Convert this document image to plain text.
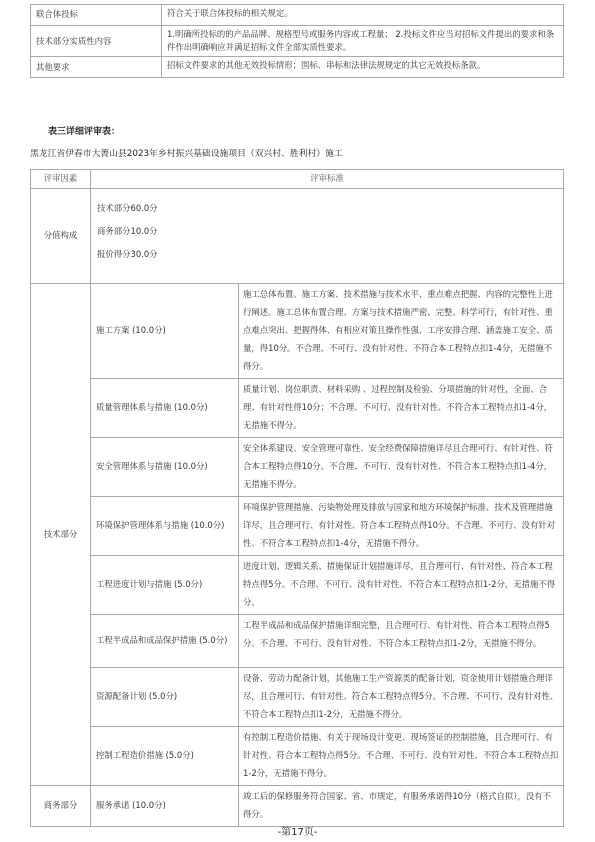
联合体投标	符合关于联合体投标的相关规定。
技术部分实质性内容	1.明确所投标的的产品品牌、规格型号或服务内容或工程量； 2.投标文件应当对招标文件提出的要求和条件作出明确响应并满足招标文件全部实质性要求。
其他要求	招标文件要求的其他无效投标情形；围标、串标和法律法规规定的其它无效投标条款。
表三详细评审表：
黑龙江省伊春市大箐山县2023年乡村振兴基础设施项目（双兴村、胜利村）施工
评审因素	评审标准	
分值构成	技术部分60.0分
商务部分10.0分
报价得分30.0分	

技术部分	施工方案 (10.0分)	施工总体布置、施工方案、技术措施与技术水平、重点难点把握、内容的完整性上进行阐述。施工总体布置合理、方案与技术措施严密、完整、科学可行，有针对性、重点难点突出、把握得体、有相应对策且操作性强、工序安排合理、涵盖施工安全、质量，得10分。不合理、不可行、没有针对性、不符合本工程特点扣1-4分，无措施不得分。
	质量管理体系与措施 (10.0分)	质量计划、岗位职责、材料采购 、过程控制及检验、分项措施的针对性，全面、合理、有针对性得10分；不合理、不可行、没有针对性、不符合本工程特点扣1-4分，无措施不得分。
	安全管理体系与措施 (10.0分)	安全体系建设、安全管理可靠性、安全经费保障措施详尽且合理可行、有针对性、符合本工程特点得10分。不合理、不可行、没有针对性、不符合本工程特点扣1-4分，无措施不得分。
	环境保护管理体系与措施 (10.0分)	环境保护管理措施、污染物处理及排放与国家和地方环境保护标准、技术及管理措施详尽，且合理可行、有针对性、符合本工程特点得10分。不合理、不可行、没有针对性、不符合本工程特点扣1-4分，无措施不得分。
	工程进度计划与措施 (5.0分)	进度计划、逻辑关系、措施保证计划措施详尽，且合理可行、有针对性、符合本工程特点得5分。不合理、不可行、没有针对性、不符合本工程特点扣1-2分，无措施不得分。
	工程半成品和成品保护措施 (5.0分)	工程半成品和成品保护措施详细完整，且合理可行、有针对性、符合本工程特点得5分。不合理、不可行、没有针对性、不符合本工程特点扣1-2分，无措施不得分。
	资源配备计划 (5.0分)	设备、劳动力配备计划，其他施工生产资源类的配备计划，资金使用计划措施合理详尽，且合理可行、有针对性、符合本工程特点得5分。不合理、不可行、没有针对性、不符合本工程特点扣1-2分，无措施不得分。
	控制工程造价措施 (5.0分)	有控制工程造价措施、有关于现场设计变更、现场签证的控制措施，且合理可行、有针对性、符合本工程特点得5分。不合理、不可行、没有针对性、不符合本工程特点扣1-2分，无措施不得分。
商务部分	服务承诺 (10.0分)	竣工后的保修服务符合国家、省、市规定，有服务承诺得10分（格式自拟），没有不得分。
-第17页-
